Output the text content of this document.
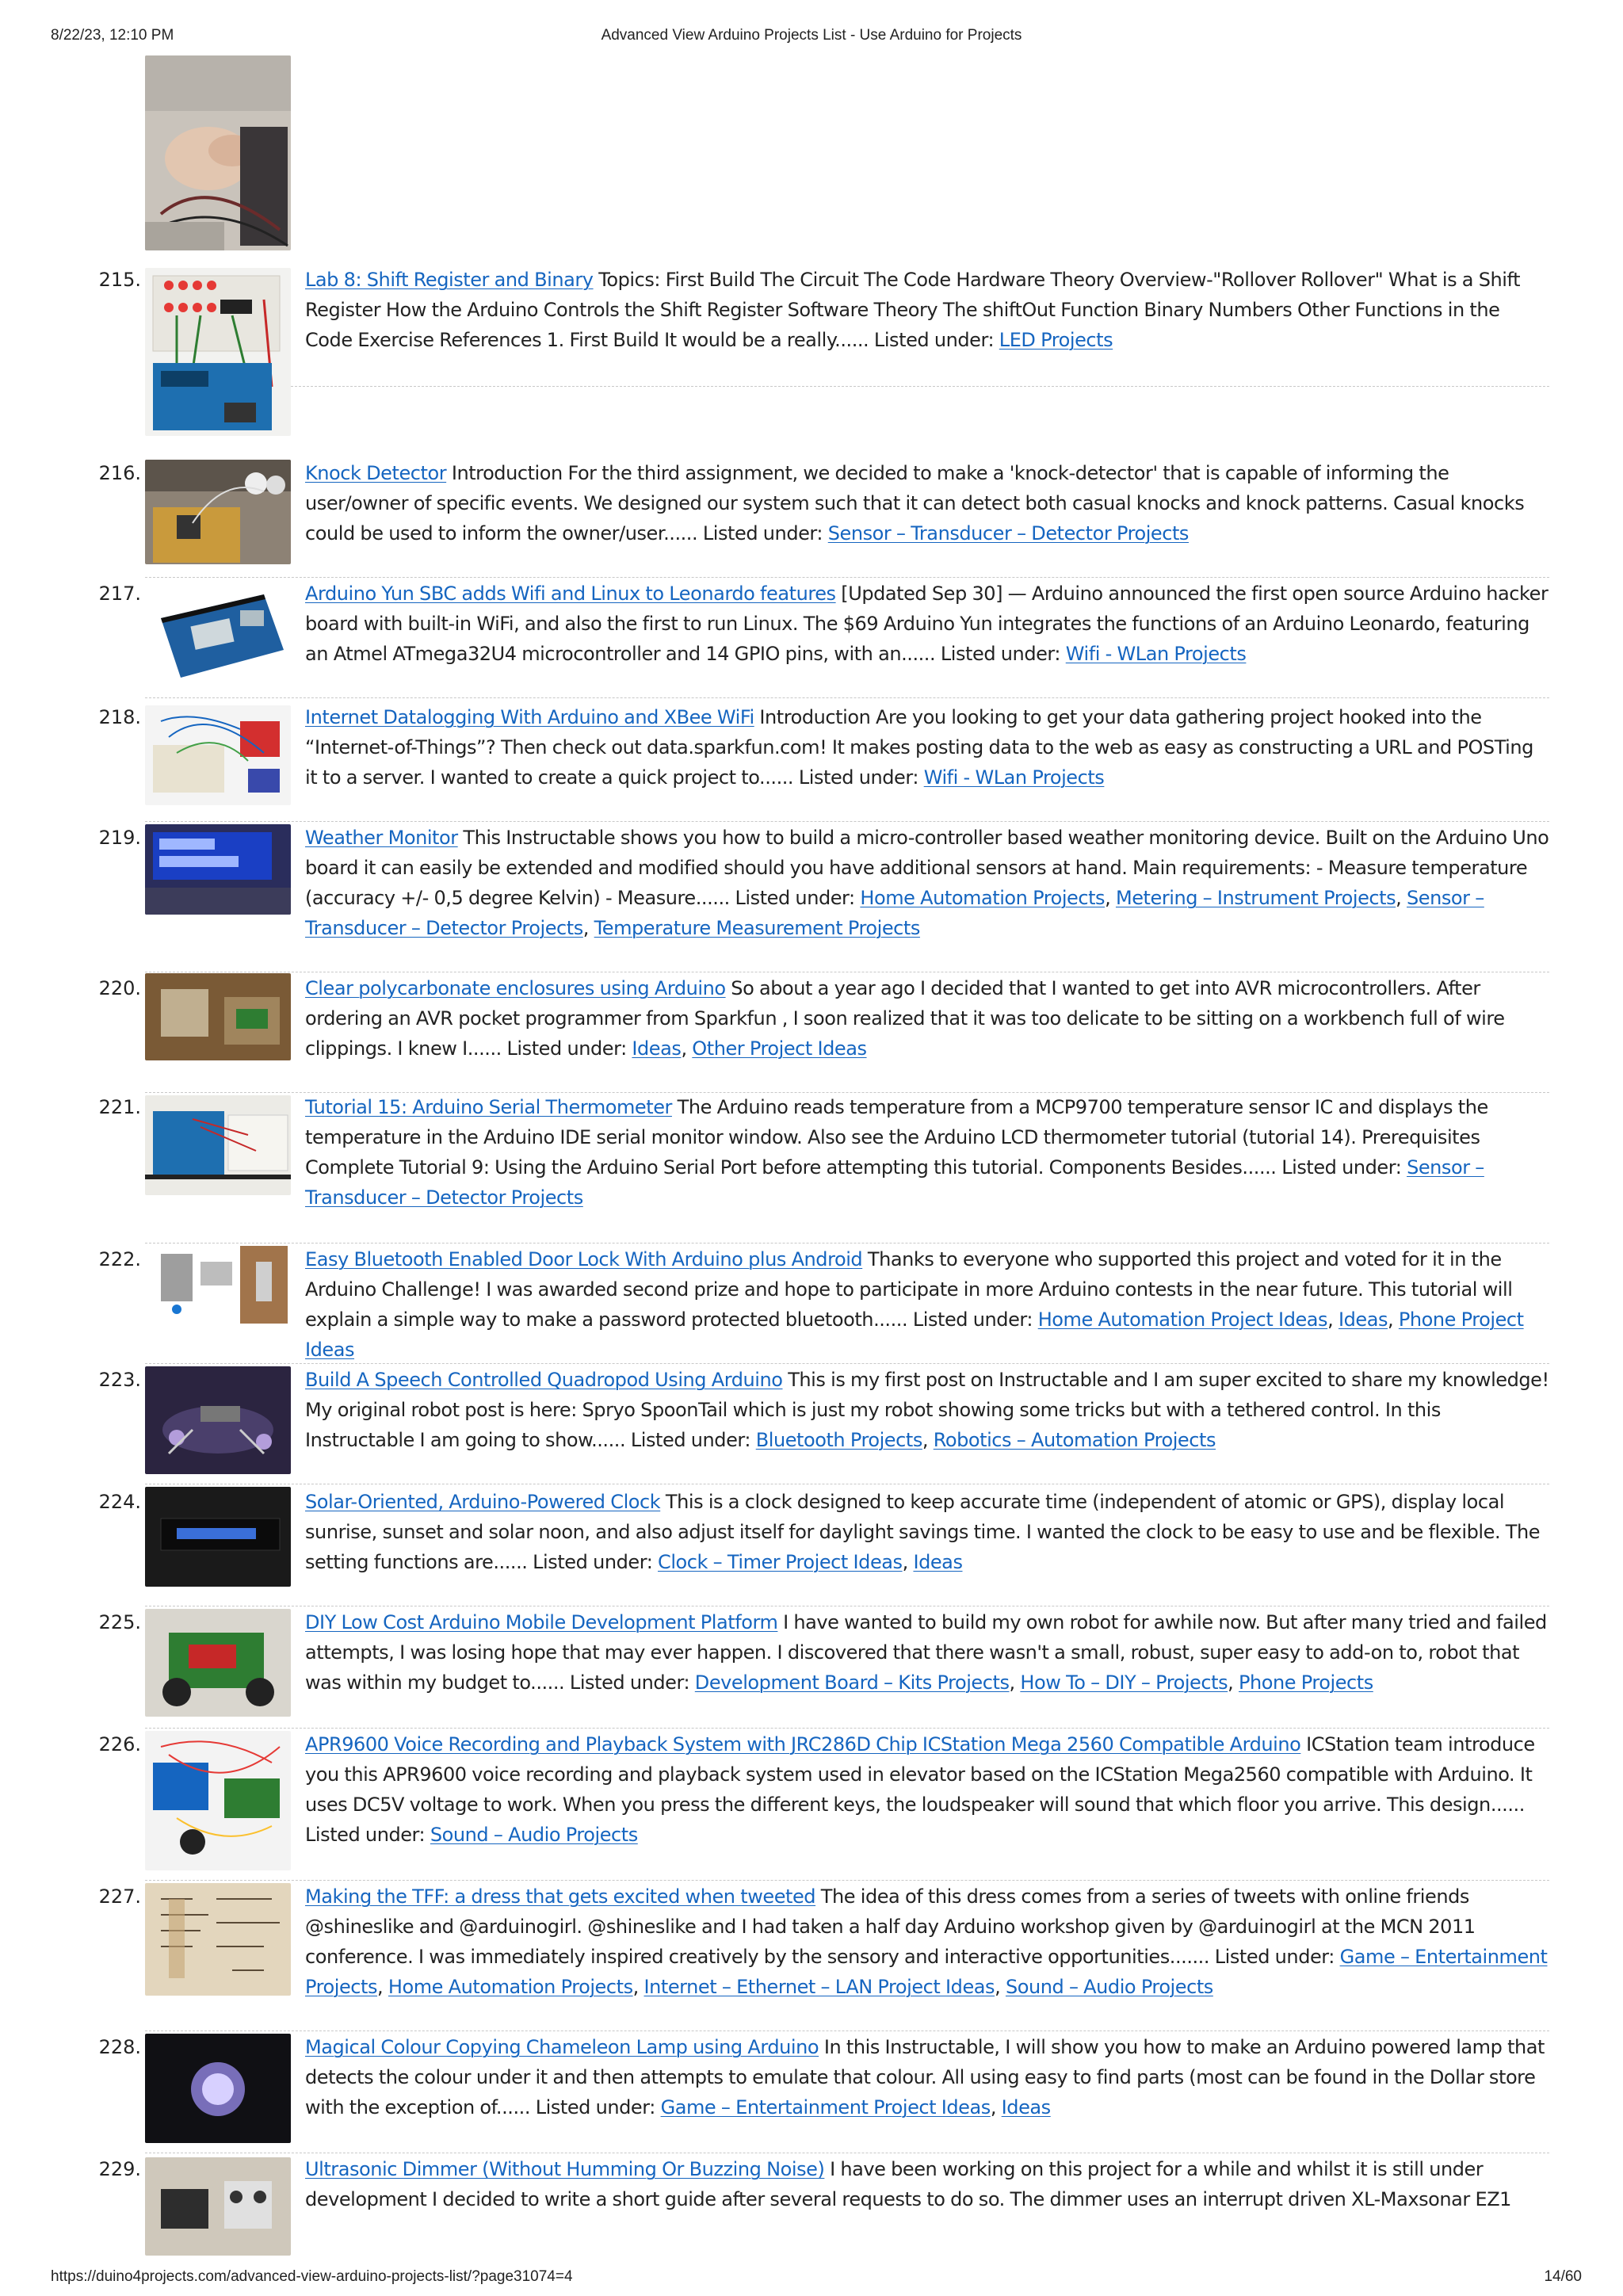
8/22/23, 12:10 PM	Advanced View Arduino Projects List - Use Arduino for Projects
215.	Lab 8: Shift Register and Binary Topics: First Build The Circuit The Code Hardware Theory Overview-"Rollover Rollover" What is a Shift Register How the Arduino Controls the Shift Register Software Theory The shiftOut Function Binary Numbers Other Functions in the Code Exercise References 1. First Build It would be a really...... Listed under: LED Projects
216.	Knock Detector Introduction For the third assignment, we decided to make a 'knock-detector' that is capable of informing the user/owner of specific events. We designed our system such that it can detect both casual knocks and knock patterns. Casual knocks could be used to inform the owner/user...... Listed under: Sensor – Transducer – Detector Projects
217.	Arduino Yun SBC adds Wifi and Linux to Leonardo features [Updated Sep 30] — Arduino announced the first open source Arduino hacker board with built-in WiFi, and also the first to run Linux. The $69 Arduino Yun integrates the functions of an Arduino Leonardo, featuring an Atmel ATmega32U4 microcontroller and 14 GPIO pins, with an...... Listed under: Wifi - WLan Projects
218.	Internet Datalogging With Arduino and XBee WiFi Introduction Are you looking to get your data gathering project hooked into the “Internet-of-Things”? Then check out data.sparkfun.com! It makes posting data to the web as easy as constructing a URL and POSTing it to a server. I wanted to create a quick project to...... Listed under: Wifi - WLan Projects
219.	Weather Monitor This Instructable shows you how to build a micro-controller based weather monitoring device. Built on the Arduino Uno board it can easily be extended and modified should you have additional sensors at hand. Main requirements: - Measure temperature (accuracy +/- 0,5 degree Kelvin) - Measure...... Listed under: Home Automation Projects, Metering – Instrument Projects, Sensor – Transducer – Detector Projects, Temperature Measurement Projects
220.	Clear polycarbonate enclosures using Arduino So about a year ago I decided that I wanted to get into AVR microcontrollers. After ordering an AVR pocket programmer from Sparkfun , I soon realized that it was too delicate to be sitting on a workbench full of wire clippings. I knew I...... Listed under: Ideas, Other Project Ideas
221.	Tutorial 15: Arduino Serial Thermometer The Arduino reads temperature from a MCP9700 temperature sensor IC and displays the temperature in the Arduino IDE serial monitor window. Also see the Arduino LCD thermometer tutorial (tutorial 14). Prerequisites Complete Tutorial 9: Using the Arduino Serial Port before attempting this tutorial. Components Besides...... Listed under: Sensor – Transducer – Detector Projects
222.	Easy Bluetooth Enabled Door Lock With Arduino plus Android Thanks to everyone who supported this project and voted for it in the Arduino Challenge! I was awarded second prize and hope to participate in more Arduino contests in the near future. This tutorial will explain a simple way to make a password protected bluetooth...... Listed under: Home Automation Project Ideas, Ideas, Phone Project Ideas
223.	Build A Speech Controlled Quadropod Using Arduino This is my first post on Instructable and I am super excited to share my knowledge! My original robot post is here: Spryo SpoonTail which is just my robot showing some tricks but with a tethered control. In this Instructable I am going to show...... Listed under: Bluetooth Projects, Robotics – Automation Projects
224.	Solar-Oriented, Arduino-Powered Clock This is a clock designed to keep accurate time (independent of atomic or GPS), display local sunrise, sunset and solar noon, and also adjust itself for daylight savings time. I wanted the clock to be easy to use and be flexible. The setting functions are...... Listed under: Clock – Timer Project Ideas, Ideas
225.	DIY Low Cost Arduino Mobile Development Platform I have wanted to build my own robot for awhile now. But after many tried and failed attempts, I was losing hope that may ever happen. I discovered that there wasn't a small, robust, super easy to add-on to, robot that was within my budget to...... Listed under: Development Board – Kits Projects, How To – DIY – Projects, Phone Projects
226.	APR9600 Voice Recording and Playback System with JRC286D Chip ICStation Mega 2560 Compatible Arduino ICStation team introduce you this APR9600 voice recording and playback system used in elevator based on the ICStation Mega2560 compatible with Arduino. It uses DC5V voltage to work. When you press the different keys, the loudspeaker will sound that which floor you arrive. This design...... Listed under: Sound – Audio Projects
227.	Making the TFF: a dress that gets excited when tweeted The idea of this dress comes from a series of tweets with online friends @shineslike and @arduinogirl. @shineslike and I had taken a half day Arduino workshop given by @arduinogirl at the MCN 2011 conference. I was immediately inspired creatively by the sensory and interactive opportunities....... Listed under: Game – Entertainment Projects, Home Automation Projects, Internet – Ethernet – LAN Project Ideas, Sound – Audio Projects
228.	Magical Colour Copying Chameleon Lamp using Arduino In this Instructable, I will show you how to make an Arduino powered lamp that detects the colour under it and then attempts to emulate that colour. All using easy to find parts (most can be found in the Dollar store with the exception of...... Listed under: Game – Entertainment Project Ideas, Ideas
229.	Ultrasonic Dimmer (Without Humming Or Buzzing Noise) I have been working on this project for a while and whilst it is still under development I decided to write a short guide after several requests to do so. The dimmer uses an interrupt driven XL-Maxsonar EZ1
https://duino4projects.com/advanced-view-arduino-projects-list/?page31074=4	14/60
